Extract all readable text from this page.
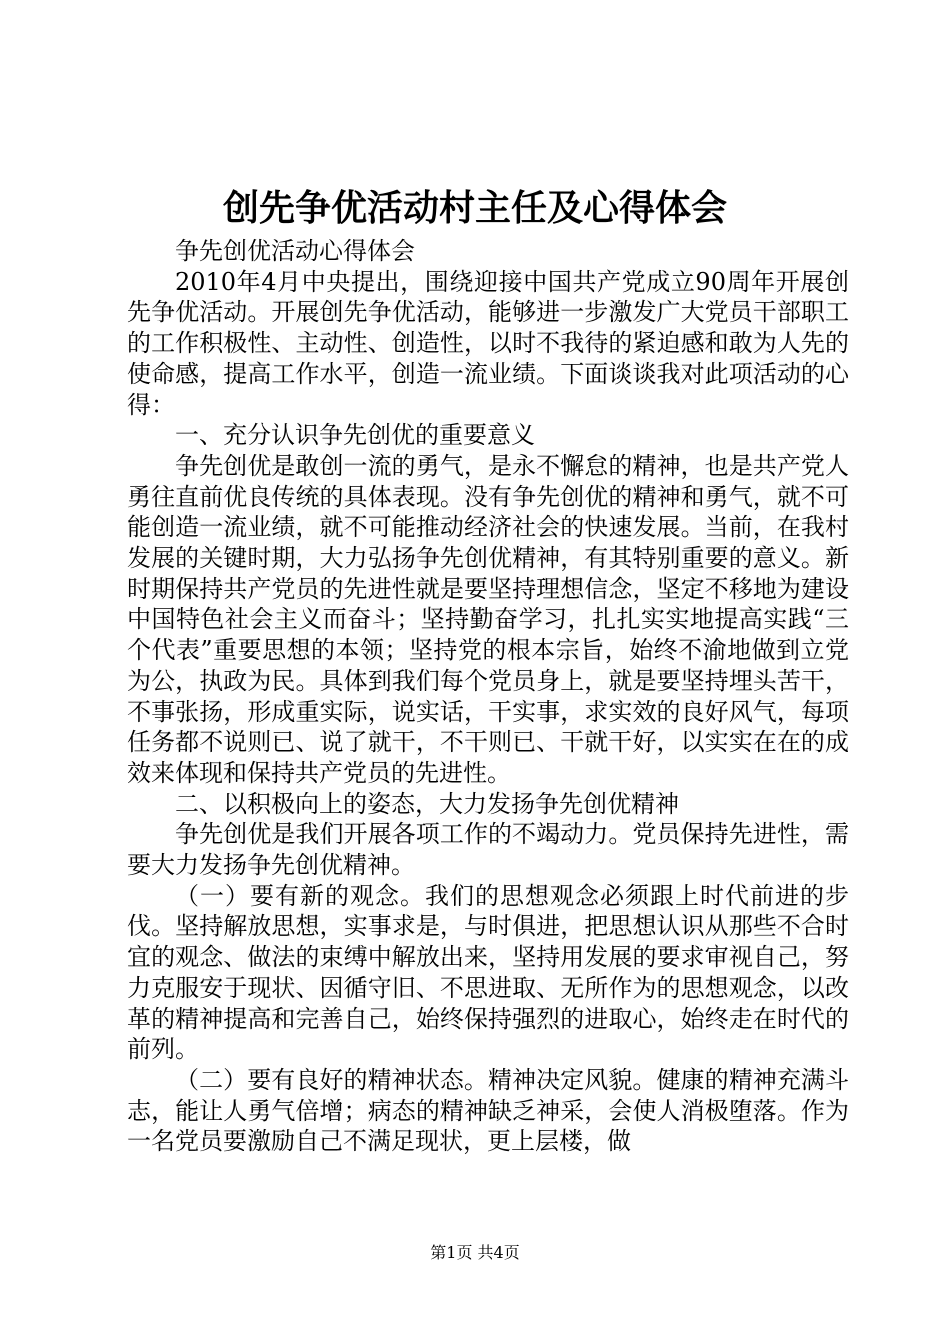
创先争优活动村主任及心得体会

争先创优活动心得体会

2010年4月中央提出，围绕迎接中国共产党成立90周年开展创先争优活动。开展创先争优活动，能够进一步激发广大党员干部职工的工作积极性、主动性、创造性，以时不我待的紧迫感和敢为人先的使命感，提高工作水平，创造一流业绩。下面谈谈我对此项活动的心得：

一、充分认识争先创优的重要意义

争先创优是敢创一流的勇气，是永不懈怠的精神，也是共产党人勇往直前优良传统的具体表现。没有争先创优的精神和勇气，就不可能创造一流业绩，就不可能推动经济社会的快速发展。当前，在我村发展的关键时期，大力弘扬争先创优精神，有其特别重要的意义。新时期保持共产党员的先进性就是要坚持理想信念，坚定不移地为建设中国特色社会主义而奋斗；坚持勤奋学习，扎扎实实地提高实践“三个代表”重要思想的本领；坚持党的根本宗旨，始终不渝地做到立党为公，执政为民。具体到我们每个党员身上，就是要坚持埋头苦干，不事张扬，形成重实际，说实话，干实事，求实效的良好风气，每项任务都不说则已、说了就干，不干则已、干就干好，以实实在在的成效来体现和保持共产党员的先进性。

二、以积极向上的姿态，大力发扬争先创优精神

争先创优是我们开展各项工作的不竭动力。党员保持先进性，需要大力发扬争先创优精神。

（一）要有新的观念。我们的思想观念必须跟上时代前进的步伐。坚持解放思想，实事求是，与时俱进，把思想认识从那些不合时宜的观念、做法的束缚中解放出来，坚持用发展的要求审视自己，努力克服安于现状、因循守旧、不思进取、无所作为的思想观念，以改革的精神提高和完善自己，始终保持强烈的进取心，始终走在时代的前列。

（二）要有良好的精神状态。精神决定风貌。健康的精神充满斗志，能让人勇气倍增；病态的精神缺乏神采，会使人消极堕落。作为一名党员要激励自己不满足现状，更上层楼，做

第1页 共4页
